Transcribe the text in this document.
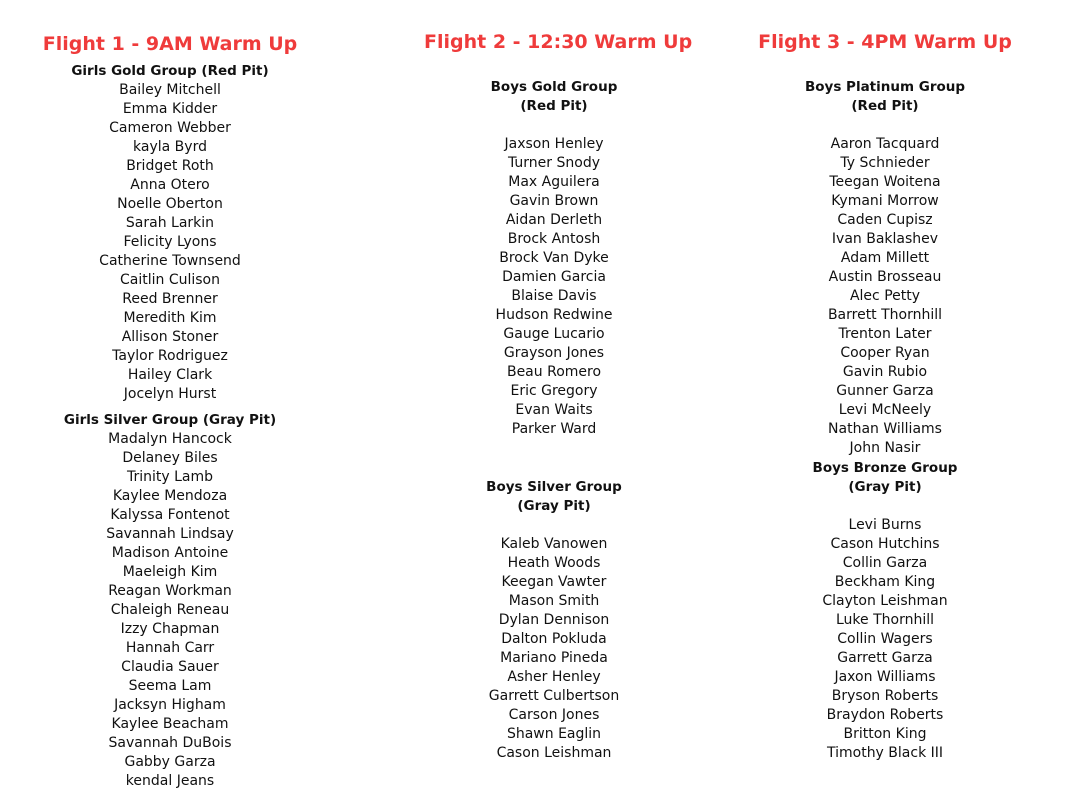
Flight 1 - 9AM Warm Up
Girls Gold Group (Red Pit)
Bailey Mitchell
Emma Kidder
Cameron Webber
kayla Byrd
Bridget Roth
Anna Otero
Noelle Oberton
Sarah Larkin
Felicity Lyons
Catherine Townsend
Caitlin Culison
Reed Brenner
Meredith Kim
Allison Stoner
Taylor Rodriguez
Hailey Clark
Jocelyn Hurst
Girls Silver Group (Gray Pit)
Madalyn Hancock
Delaney Biles
Trinity Lamb
Kaylee Mendoza
Kalyssa Fontenot
Savannah Lindsay
Madison Antoine
Maeleigh Kim
Reagan Workman
Chaleigh Reneau
Izzy Chapman
Hannah Carr
Claudia Sauer
Seema Lam
Jacksyn Higham
Kaylee Beacham
Savannah DuBois
Gabby Garza
kendal Jeans
Flight 2 - 12:30 Warm Up
Boys Gold Group
(Red Pit)
Jaxson Henley
Turner Snody
Max Aguilera
Gavin Brown
Aidan Derleth
Brock Antosh
Brock Van Dyke
Damien Garcia
Blaise Davis
Hudson Redwine
Gauge Lucario
Grayson Jones
Beau Romero
Eric Gregory
Evan Waits
Parker Ward
Boys Silver Group
(Gray Pit)
Kaleb Vanowen
Heath Woods
Keegan Vawter
Mason Smith
Dylan Dennison
Dalton Pokluda
Mariano Pineda
Asher Henley
Garrett Culbertson
Carson Jones
Shawn Eaglin
Cason Leishman
Flight 3 - 4PM Warm Up
Boys Platinum Group
(Red Pit)
Aaron Tacquard
Ty Schnieder
Teegan Woitena
Kymani Morrow
Caden Cupisz
Ivan Baklashev
Adam Millett
Austin Brosseau
Alec Petty
Barrett Thornhill
Trenton Later
Cooper Ryan
Gavin Rubio
Gunner Garza
Levi McNeely
Nathan Williams
John Nasir
Boys Bronze Group
(Gray Pit)
Levi Burns
Cason Hutchins
Collin Garza
Beckham King
Clayton Leishman
Luke Thornhill
Collin Wagers
Garrett Garza
Jaxon Williams
Bryson Roberts
Braydon Roberts
Britton King
Timothy Black III
